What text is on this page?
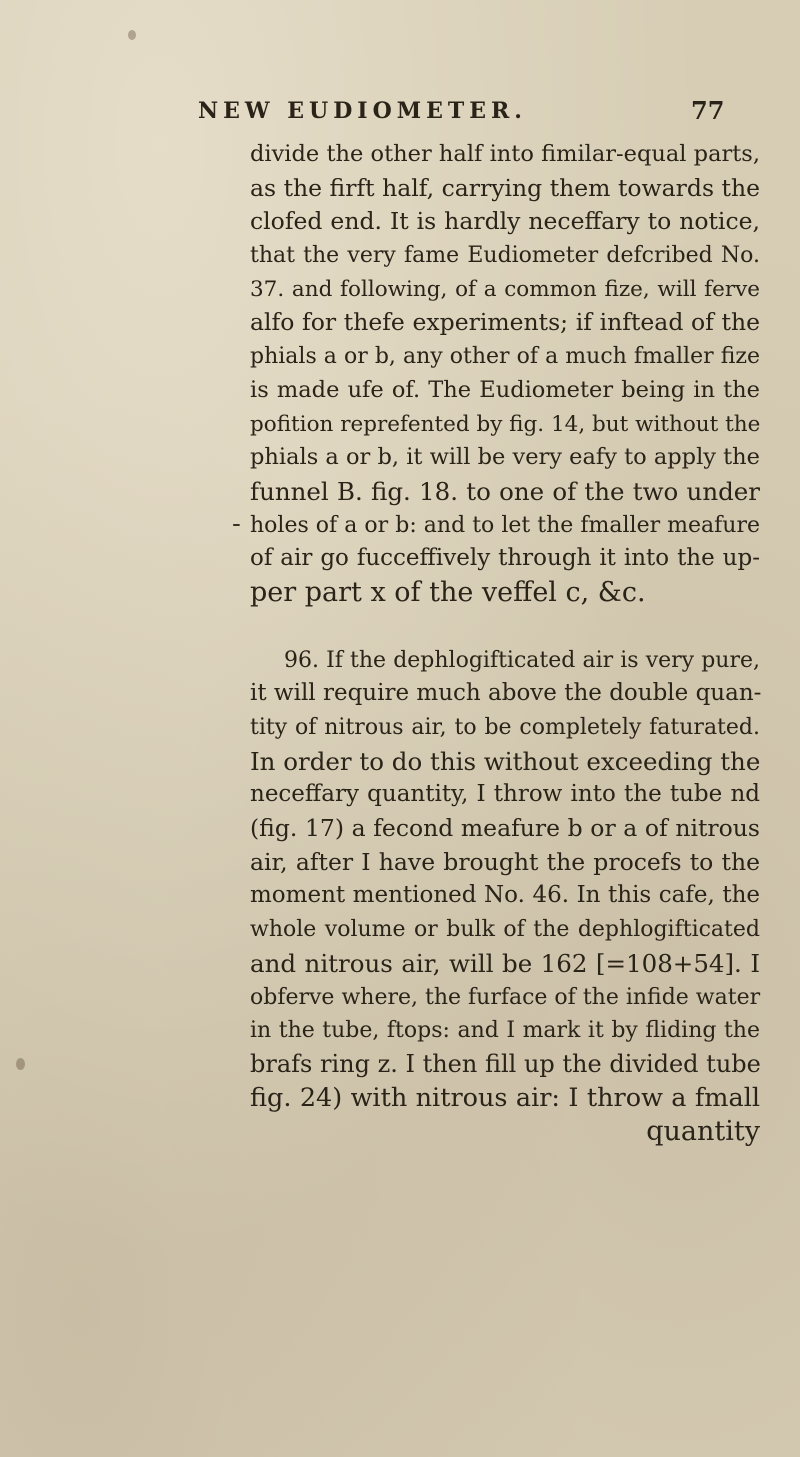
NEW EUDIOMETER.	77
-
divide the other half into fimilar-equal parts,
as the firft half, carrying them towards the
clofed end. It is hardly neceffary to notice,
that the very fame Eudiometer defcribed No.
37. and following, of a common fize, will ferve
alfo for thefe experiments; if inftead of the
phials a or b, any other of a much fmaller fize
is made ufe of. The Eudiometer being in the
pofition reprefented by fig. 14, but without the
phials a or b, it will be very eafy to apply the
funnel B. fig. 18. to one of the two under
holes of a or b: and to let the fmaller meafure
of air go fucceffively through it into the up-
per part x of the veffel c, &c.
96. If the dephlogifticated air is very pure,
it will require much above the double quan-
tity of nitrous air, to be completely faturated.
In order to do this without exceeding the
neceffary quantity, I throw into the tube nd
(fig. 17) a fecond meafure b or a of nitrous
air, after I have brought the procefs to the
moment mentioned No. 46. In this cafe, the
whole volume or bulk of the dephlogifticated
and nitrous air, will be 162 [=108+54]. I
obferve where, the furface of the infide water
in the tube, ftops: and I mark it by fliding the
brafs ring z. I then fill up the divided tube
fig. 24) with nitrous air: I throw a fmall
quantity
